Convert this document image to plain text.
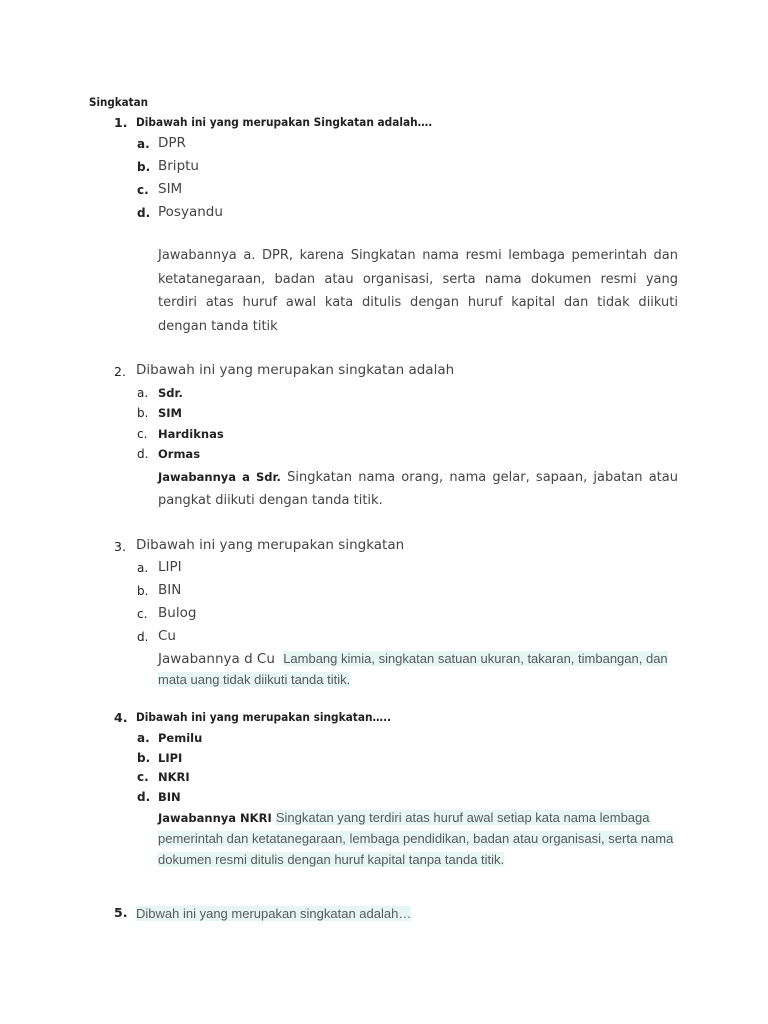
Singkatan
1. Dibawah ini yang merupakan Singkatan adalah….
a. DPR
b. Briptu
c. SIM
d. Posyandu
Jawabannya a. DPR, karena Singkatan nama resmi lembaga pemerintah dan ketatanegaraan, badan atau organisasi, serta nama dokumen resmi yang terdiri atas huruf awal kata ditulis dengan huruf kapital dan tidak diikuti dengan tanda titik
2. Dibawah ini yang merupakan singkatan adalah
a. Sdr.
b. SIM
c. Hardiknas
d. Ormas
Jawabannya a Sdr. Singkatan nama orang, nama gelar, sapaan, jabatan atau pangkat diikuti dengan tanda titik.
3. Dibawah ini yang merupakan singkatan
a. LIPI
b. BIN
c. Bulog
d. Cu
Jawabannya d Cu Lambang kimia, singkatan satuan ukuran, takaran, timbangan, dan mata uang tidak diikuti tanda titik.
4. Dibawah ini yang merupakan singkatan…..
a. Pemilu
b. LIPI
c. NKRI
d. BIN
Jawabannya NKRI Singkatan yang terdiri atas huruf awal setiap kata nama lembaga pemerintah dan ketatanegaraan, lembaga pendidikan, badan atau organisasi, serta nama dokumen resmi ditulis dengan huruf kapital tanpa tanda titik.
5. Dibwah ini yang merupakan singkatan adalah…
